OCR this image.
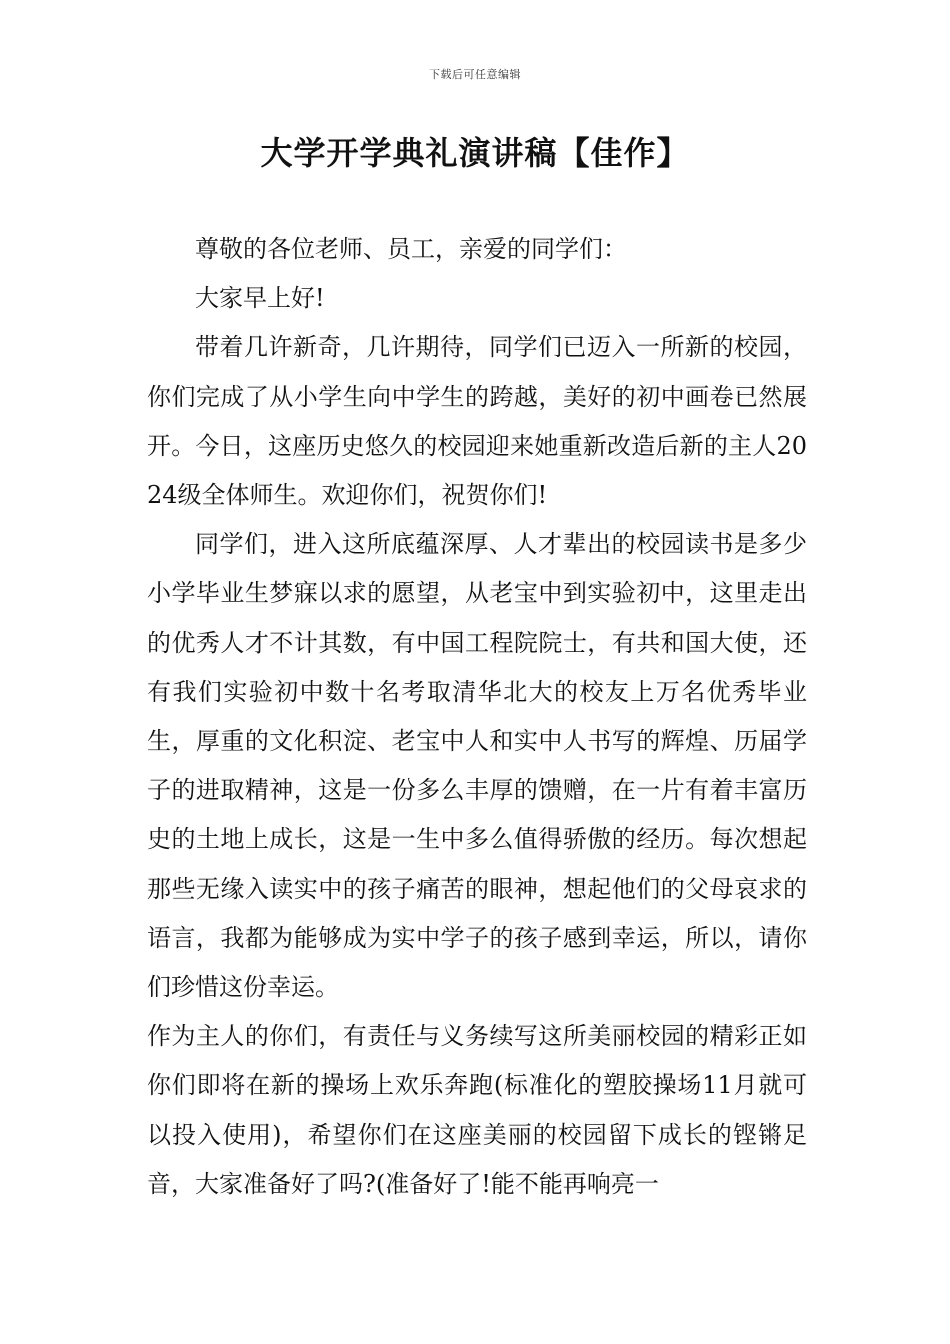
下载后可任意编辑
大学开学典礼演讲稿【佳作】

尊敬的各位老师、员工，亲爱的同学们：

大家早上好!

带着几许新奇，几许期待，同学们已迈入一所新的校园，你们完成了从小学生向中学生的跨越，美好的初中画卷已然展开。今日，这座历史悠久的校园迎来她重新改造后新的主人2024级全体师生。欢迎你们，祝贺你们!

同学们，进入这所底蕴深厚、人才辈出的校园读书是多少小学毕业生梦寐以求的愿望，从老宝中到实验初中，这里走出的优秀人才不计其数，有中国工程院院士，有共和国大使，还有我们实验初中数十名考取清华北大的校友上万名优秀毕业生，厚重的文化积淀、老宝中人和实中人书写的辉煌、历届学子的进取精神，这是一份多么丰厚的馈赠，在一片有着丰富历史的土地上成长，这是一生中多么值得骄傲的经历。每次想起那些无缘入读实中的孩子痛苦的眼神，想起他们的父母哀求的语言，我都为能够成为实中学子的孩子感到幸运，所以，请你们珍惜这份幸运。

作为主人的你们，有责任与义务续写这所美丽校园的精彩正如你们即将在新的操场上欢乐奔跑(标准化的塑胶操场11月就可以投入使用)，希望你们在这座美丽的校园留下成长的铿锵足音，大家准备好了吗?(准备好了!能不能再响亮一
